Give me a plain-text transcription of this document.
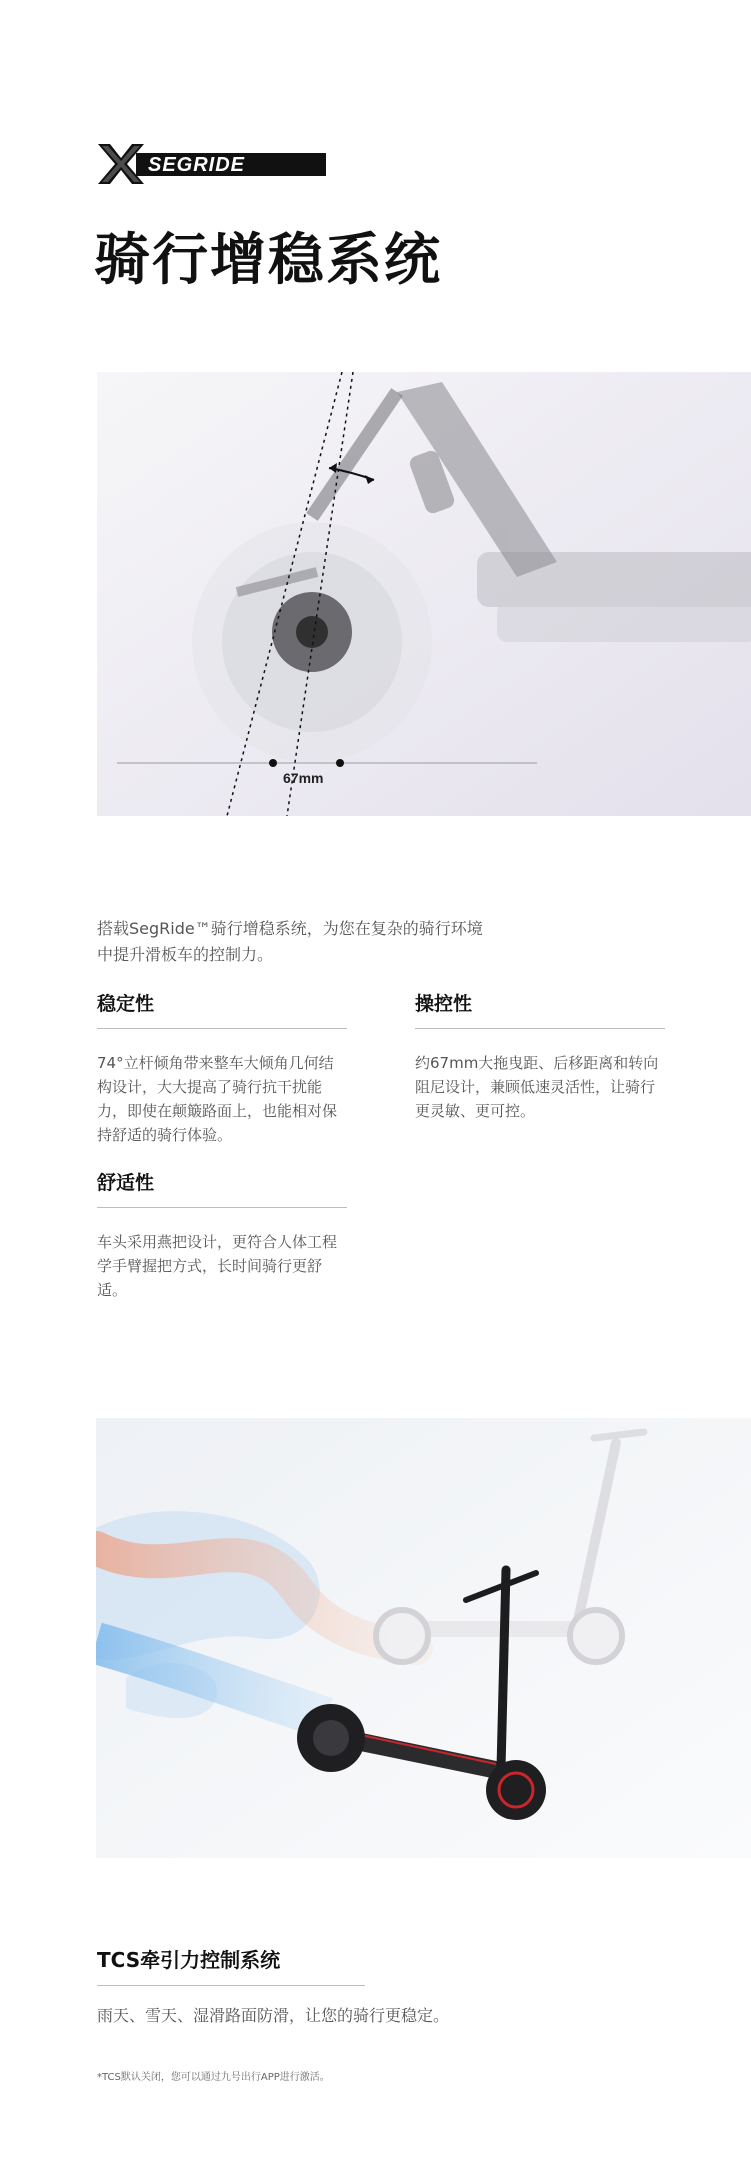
SEGRIDE
骑行增稳系统
67mm

搭载SegRide™骑行增稳系统，为您在复杂的骑行环境中提升滑板车的控制力。

稳定性

74°立杆倾角带来整车大倾角几何结构设计，大大提高了骑行抗干扰能力，即使在颠簸路面上，也能相对保持舒适的骑行体验。

操控性

约67mm大拖曳距、后移距离和转向阻尼设计，兼顾低速灵活性，让骑行更灵敏、更可控。

舒适性

车头采用燕把设计，更符合人体工程学手臂握把方式，长时间骑行更舒适。

TCS牵引力控制系统
雨天、雪天、湿滑路面防滑，让您的骑行更稳定。
*TCS默认关闭，您可以通过九号出行APP进行激活。
